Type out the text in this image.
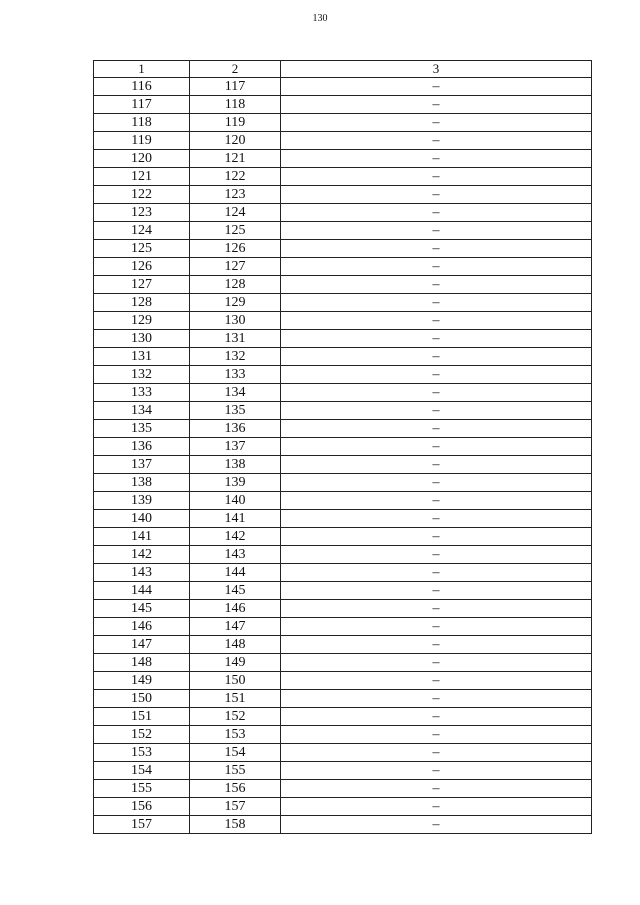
130
1	2	3
116	117	–
117	118	–
118	119	–
119	120	–
120	121	–
121	122	–
122	123	–
123	124	–
124	125	–
125	126	–
126	127	–
127	128	–
128	129	–
129	130	–
130	131	–
131	132	–
132	133	–
133	134	–
134	135	–
135	136	–
136	137	–
137	138	–
138	139	–
139	140	–
140	141	–
141	142	–
142	143	–
143	144	–
144	145	–
145	146	–
146	147	–
147	148	–
148	149	–
149	150	–
150	151	–
151	152	–
152	153	–
153	154	–
154	155	–
155	156	–
156	157	–
157	158	–
